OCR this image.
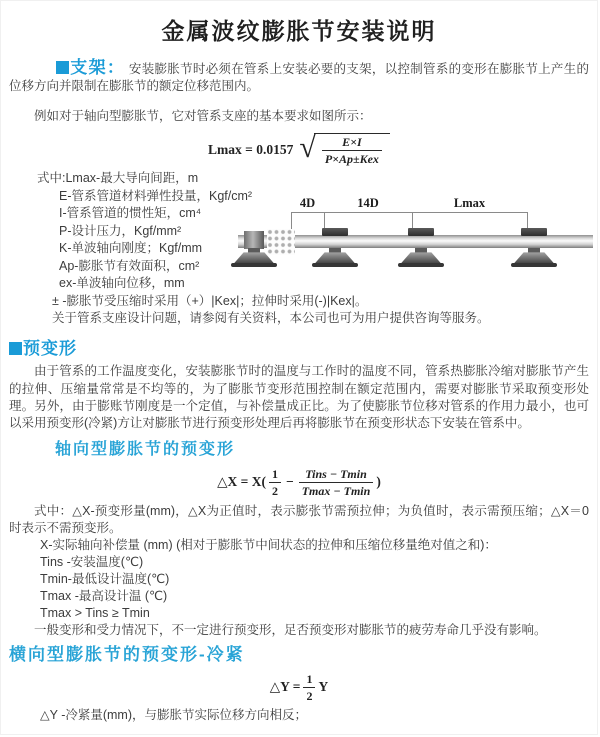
金属波纹膨胀节安装说明

支架： 安装膨胀节时必须在管系上安装必要的支架，以控制管系的变形在膨胀节上产生的位移方向并限制在膨胀节的额定位移范围内。

例如对于轴向型膨胀节，它对管系支座的基本要求如图所示：

Lmax = 0.0157 √ $\frac{E\times I}{\text{P×Ap±Kex}}$
式中:Lmax-最大导向间距，m
E-管系管道材料弹性投量，Kgf/cm²
I-管系管道的惯性矩，cm⁴
P-设计压力，Kgf/mm²
K-单波轴向刚度；Kgf/mm
Ap-膨胀节有效面积，cm²
ex-单波轴向位移，mm
± -膨胀节受压缩时采用（+）|Kex|；拉伸时采用(-)|Kex|。
关于管系支座设计问题，请参阅有关资料，本公司也可为用户提供咨询等服务。
4D	14D	Lmax
预变形

由于管系的工作温度变化，安装膨胀节时的温度与工作时的温度不同，管系热膨胀冷缩对膨胀节产生的拉伸、压缩量常常是不均等的，为了膨胀节变形范围控制在额定范围内，需要对膨胀节采取预变形处理。另外，由于膨账节刚度是一个定值，与补偿量成正比。为了使膨胀节位移对管系的作用力最小，也可以采用预变形(冷紧)方让对膨胀节进行预变形处理后再将膨胀节在预变形状态下安装在管系中。

轴向型膨胀节的预变形
△X = $X( \frac{1}{2} - \frac{\text{Tins − Tmin}}{Tmax - Tmin}$ )

式中：△X-预变形量(mm)，△X为正值时，表示膨张节需预拉伸；为负值时，表示需预压缩；△X＝0时表示不需预变形。

X-实际轴向补偿量 (mm) (相对于膨胀节中间状态的拉伸和压缩位移量绝对值之和)：
Tins -安装温度(℃)
Tmin-最低设计温度(℃)
Tmax -最高设计温 (℃)
Tmax > Tins ≥ Tmin

一般变形和受力情况下，不一定进行预变形，足否预变形对膨胀节的疲劳寿命几乎没有影响。

横向型膨胀节的预变形-冷紧
△Y = $\frac{1}{2}$ Y
△Y -冷紧量(mm)，与膨胀节实际位移方向相反；
